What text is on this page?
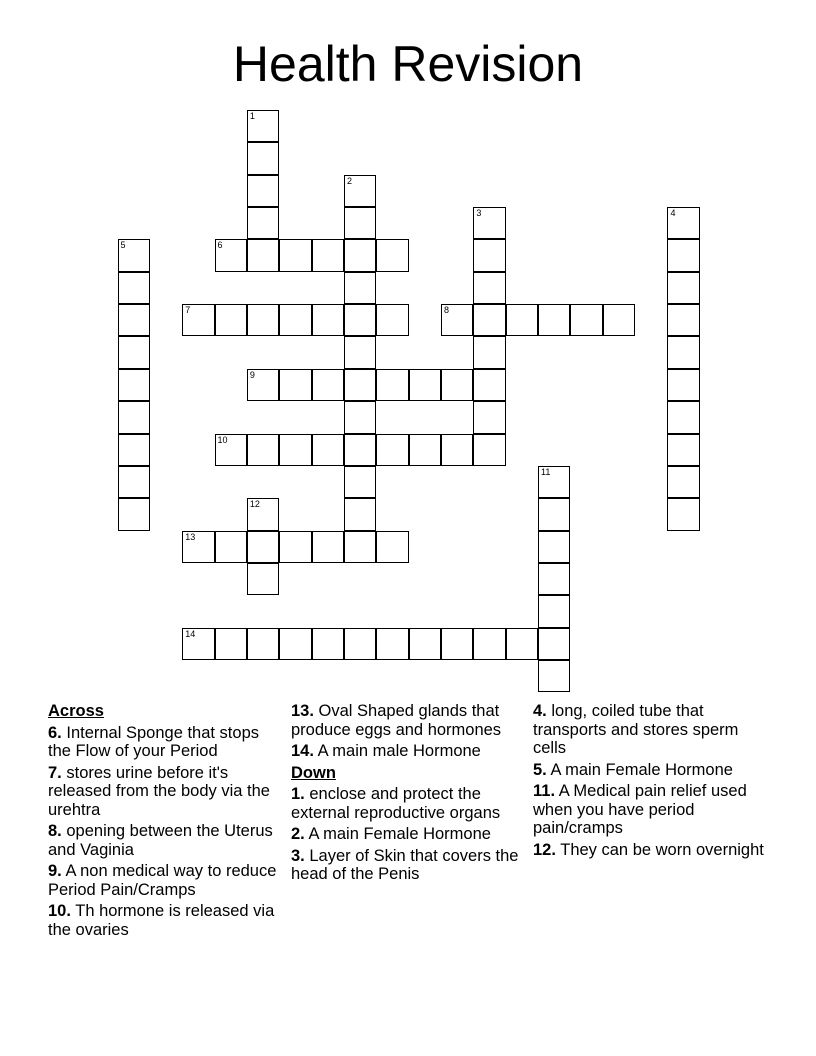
Health Revision
1
2
3	4
5	6
7	8
9
10
11
12
13
14
Across
6. Internal Sponge that stops the Flow of your Period
7. stores urine before it's released from the body via the urehtra
8. opening between the Uterus and Vaginia
9. A non medical way to reduce Period Pain/Cramps
10. Th hormone is released via the ovaries
13. Oval Shaped glands that produce eggs and hormones
14. A main male Hormone
Down
1. enclose and protect the external reproductive organs
2. A main Female Hormone
3. Layer of Skin that covers the head of the Penis
4. long, coiled tube that transports and stores sperm cells
5. A main Female Hormone
11. A Medical pain relief used when you have period pain/cramps
12. They can be worn overnight
